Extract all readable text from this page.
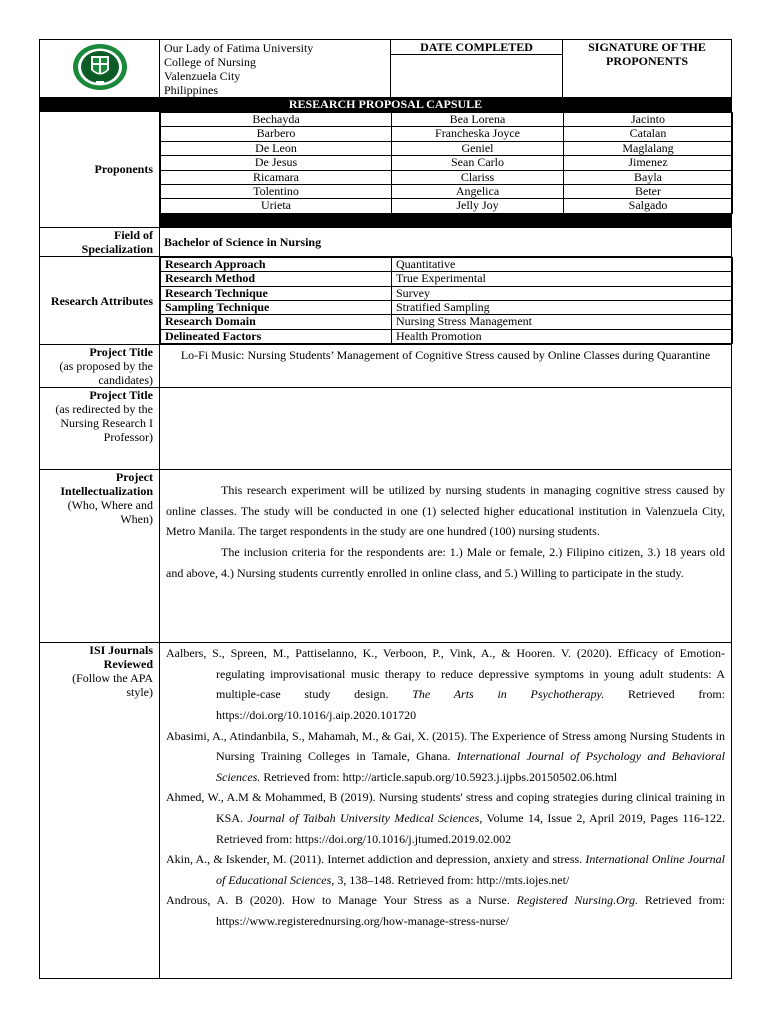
Our Lady of Fatima University
College of Nursing
Valenzuela City
Philippines

DATE COMPLETED	SIGNATURE OF THE PROPONENTS
RESEARCH PROPOSAL CAPSULE
Proponents	
Bechayda	Bea Lorena	Jacinto
Barbero	Francheska Joyce	Catalan
De Leon	Geniel	Maglalang
De Jesus	Sean Carlo	Jimenez
Ricamara	Clariss	Bayla
Tolentino	Angelica	Beter
Urieta	Jelly Joy	Salgado

Field of Specialization	Bachelor of Science in Nursing
Research Attributes	
Research Approach	Quantitative
Research Method	True Experimental
Research Technique	Survey
Sampling Technique	Stratified Sampling
Research Domain	Nursing Stress Management
Delineated Factors	Health Promotion

Project Title
(as proposed by the candidates)
	Lo-Fi Music: Nursing Students’ Management of Cognitive Stress caused by Online Classes during Quarantine
Project Title
(as redirected by the Nursing Research I Professor)

Project Intellectualization
(Who, Where and When)

This research experiment will be utilized by nursing students in managing cognitive stress caused by online classes. The study will be conducted in one (1) selected higher educational institution in Valenzuela City, Metro Manila. The target respondents in the study are one hundred (100) nursing students.

The inclusion criteria for the respondents are: 1.) Male or female, 2.) Filipino citizen, 3.) 18 years old and above, 4.) Nursing students currently enrolled in online class, and 5.) Willing to participate in the study.

ISI Journals Reviewed
(Follow the APA style)

Aalbers, S., Spreen, M., Pattiselanno, K., Verboon, P., Vink, A., & Hooren. V. (2020). Efficacy of Emotion-regulating improvisational music therapy to reduce depressive symptoms in young adult students: A multiple-case study design. The Arts in Psychotherapy. Retrieved from: https://doi.org/10.1016/j.aip.2020.101720

Abasimi, A., Atindanbila, S., Mahamah, M., & Gai, X. (2015). The Experience of Stress among Nursing Students in Nursing Training Colleges in Tamale, Ghana. International Journal of Psychology and Behavioral Sciences. Retrieved from: http://article.sapub.org/10.5923.j.ijpbs.20150502.06.html

Ahmed, W., A.M & Mohammed, B (2019). Nursing students' stress and coping strategies during clinical training in KSA. Journal of Taibah University Medical Sciences, Volume 14, Issue 2, April 2019, Pages 116-122. Retrieved from: https://doi.org/10.1016/j.jtumed.2019.02.002

Akin, A., & Iskender, M. (2011). Internet addiction and depression, anxiety and stress. International Online Journal of Educational Sciences, 3, 138–148. Retrieved from: http://mts.iojes.net/

Androus, A. B (2020). How to Manage Your Stress as a Nurse. Registered Nursing.Org. Retrieved from: https://www.registerednursing.org/how-manage-stress-nurse/
